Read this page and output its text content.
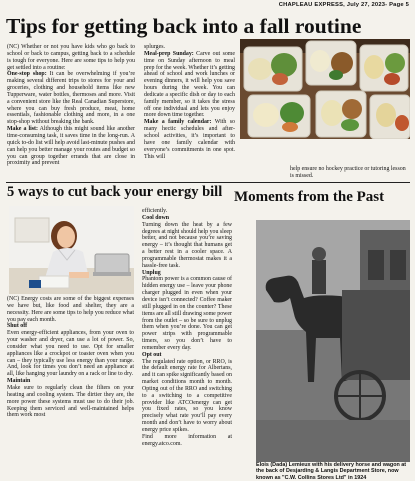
CHAPLEAU EXPRESS, July 27, 2023- Page 5
Tips for getting back into a fall routine

(NC) Whether or not you have kids who go back to school or back to campus, getting back to a schedule is tough for everyone. Here are some tips to help you get settled into a routine:

One-stop shop: It can be overwhelming if you’re making several different trips to stores for your and groceries, clothing and household items like new Tupperware, water bottles, thermoses and more. Visit a convenient store like the Real Canadian Superstore, where you can buy fresh produce, meat, home essentials, fashionable clothing and more, in a one stop-shop without breaking the bank.

Make a list: Although this might sound like another time-consuming task, it saves time in the long-run. A quick to-do list will help avoid last-minute pushes and can help you better manage your routes and budget so you can group together errands that are close in proximity and prevent

splurges.

Meal-prep Sunday: Carve out some time on Sunday afternoon to meal prep for the week. Whether it’s getting ahead of school and work lunches or evening dinners, it will help you save hours during the week. You can dedicate a specific dish or day to each family member, so it takes the stress off one individual and lets you enjoy more down time together.

Make a family calendar: With so many hectic schedules and after-school activities, it’s important to have one family calendar with everyone’s commitments in one spot. This will

help ensure no hockey practice or tutoring lesson is missed.
5 ways to cut back your energy bill Moments from the Past

(NC) Energy costs are some of the biggest expenses we have but, like food and shelter, they are a necessity. Here are some tips to help you reduce what you pay each month.

Shut off

Even energy-efficient appliances, from your oven to your washer and dryer, can use a lot of power. So, consider what you need to use. Opt for smaller appliances like a crockpot or toaster oven when you can – they typically use less energy than your range. And, look for times you don’t need an appliance at all, like hanging your laundry on a rack or line to dry.

Maintain

Make sure to regularly clean the filters on your heating and cooling system. The dirtier they are, the more power these systems must use to do their job. Keeping them serviced and well-maintained helps them work most

efficiently.

Cool down

Turning down the heat by a few degrees at night should help you sleep better, and not because you’re saving energy – it’s thought that humans get a better rest in a cooler space. A programmable thermostat makes it a hassle-free task.

Unplug

Phantom power is a common cause of hidden energy use – leave your phone charger plugged in even when your device isn’t connected? Coffee maker still plugged in on the counter? These items are all still drawing some power from the outlet – so be sure to unplug them when you’re done. You can get power strips with programmable timers, so you don’t have to remember every day.

Opt out

The regulated rate option, or RRO, is the default energy rate for Albertans, and it can spike significantly based on market conditions month to month. Opting out of the RRO and switching to a switching to a competitive provider like ATCOenergy can get you fixed rates, so you know precisely what rate you’ll pay every month and don’t have to worry about energy price spikes.

Find more information at energy.atco.com.

Elois (Dada) Lemieux with his delivery horse and wagon at the back of Desjarding & Langis Department Store, now known as "C.W. Collins Stores Ltd" in 1924
